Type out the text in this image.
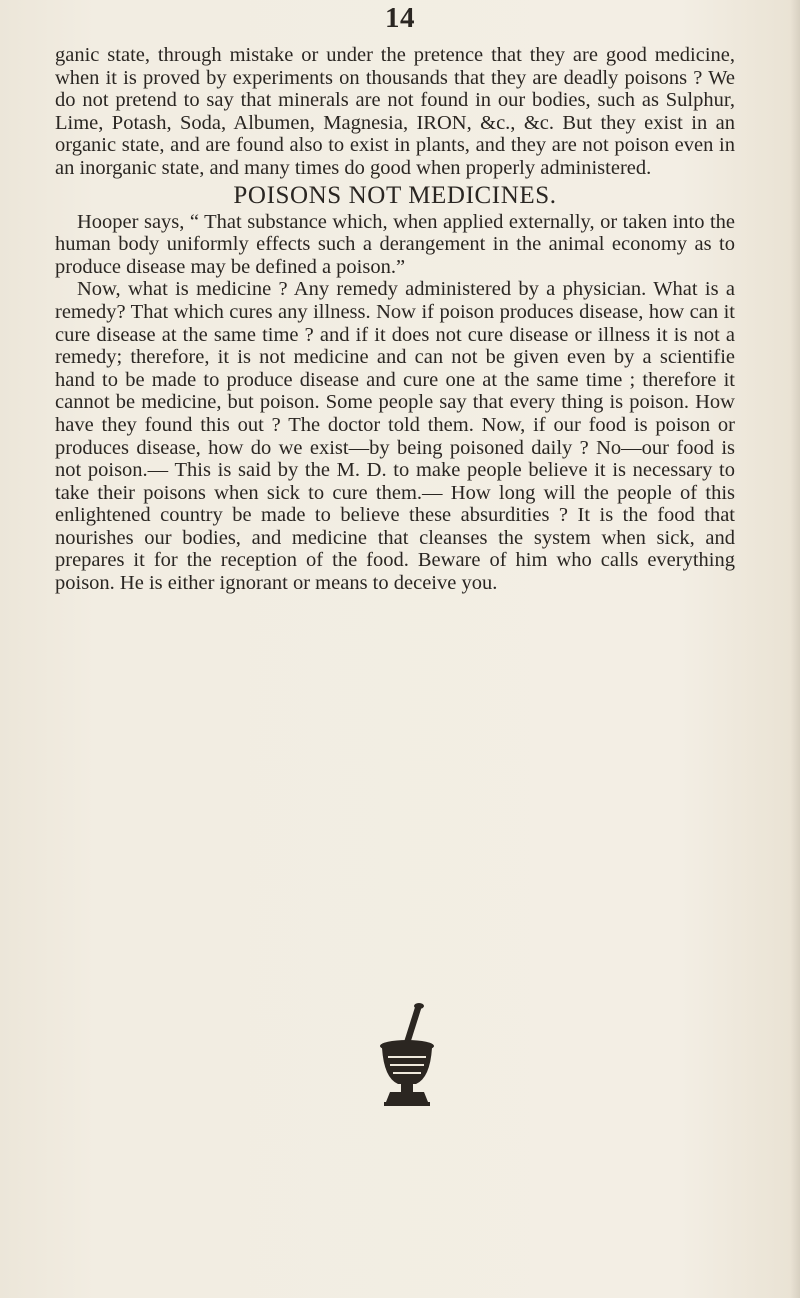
14

ganic state, through mistake or under the pretence that they are good medicine, when it is proved by experiments on thousands that they are deadly poisons ? We do not pretend to say that minerals are not found in our bodies, such as Sulphur, Lime, Potash, Soda, Albumen, Magnesia, IRON, &c., &c. But they exist in an organic state, and are found also to exist in plants, and they are not poison even in an inorganic state, and many times do good when properly administered.

POISONS NOT MEDICINES.

Hooper says, “ That substance which, when applied externally, or taken into the human body uniformly effects such a derangement in the animal economy as to produce disease may be defined a poison.”

Now, what is medicine ? Any remedy administered by a physician. What is a remedy? That which cures any illness. Now if poison produces disease, how can it cure disease at the same time ? and if it does not cure disease or illness it is not a remedy; therefore, it is not medicine and can not be given even by a scientifie hand to be made to produce disease and cure one at the same time ; therefore it cannot be medicine, but poison. Some people say that every thing is poison. How have they found this out ? The doctor told them. Now, if our food is poison or produces disease, how do we exist—by being poisoned daily ? No—our food is not poison.— This is said by the M. D. to make people believe it is necessary to take their poisons when sick to cure them.— How long will the people of this enlightened country be made to believe these absurdities ? It is the food that nourishes our bodies, and medicine that cleanses the system when sick, and prepares it for the reception of the food. Beware of him who calls everything poison. He is either ignorant or means to deceive you.
